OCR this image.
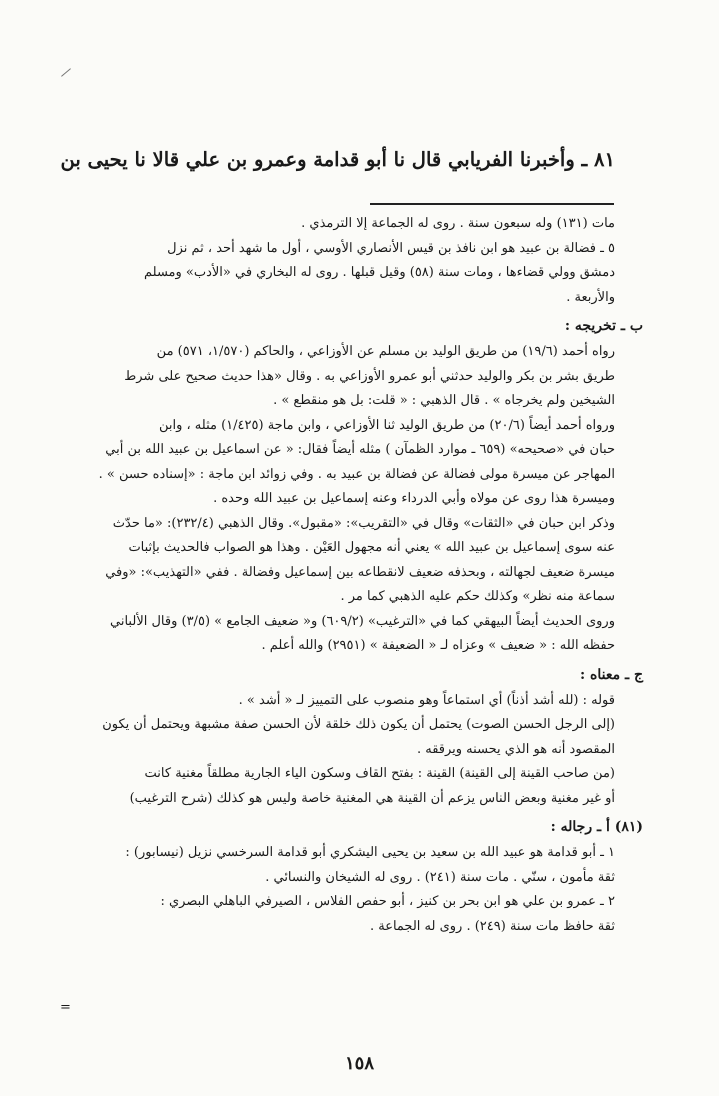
٨١ ـ وأخبرنا الفريابي قال نا أبو قدامة وعمرو بن علي قالا نا يحيى بن
مات (١٣١) وله سبعون سنة . روى له الجماعة إلا الترمذي .
٥ ـ فضالة بن عبيد هو ابن نافذ بن قيس الأنصاري الأوسي ، أول ما شهد أحد ، ثم نزل
دمشق وولي قضاءها ، ومات سنة (٥٨) وقيل قبلها . روى له البخاري في «الأدب» ومسلم
والأربعة .
ب ـ تخريجه :
رواه أحمد (١٩/٦) من طريق الوليد بن مسلم عن الأوزاعي ، والحاكم (١/٥٧٠، ٥٧١) من
طريق بشر بن بكر والوليد حدثني أبو عمرو الأوزاعي به . وقال «هذا حديث صحيح على شرط
الشيخين ولم يخرجاه » . قال الذهبي : « قلت: بل هو منقطع » .
ورواه أحمد أيضاً (٢٠/٦) من طريق الوليد ثنا الأوزاعي ، وابن ماجة (١/٤٢٥) مثله ، وابن
حبان في «صحيحه» (٦٥٩ ـ موارد الظمآن ) مثله أيضاً فقال: « عن اسماعيل بن عبيد الله بن أبي
المهاجر عن ميسرة مولى فضالة عن فضالة بن عبيد به . وفي زوائد ابن ماجة : «إسناده حسن » .
وميسرة هذا روى عن مولاه وأبي الدرداء وعنه إسماعيل بن عبيد الله وحده .
وذكر ابن حبان في «الثقات» وقال في «التقريب»: «مقبول». وقال الذهبي (٢٣٢/٤): «ما حدّث
عنه سوى إسماعيل بن عبيد الله » يعني أنه مجهول العَيْن . وهذا هو الصواب فالحديث بإثبات
ميسرة ضعيف لجهالته ، وبحذفه ضعيف لانقطاعه بين إسماعيل وفضالة . ففي «التهذيب»: «وفي
سماعة منه نظر» وكذلك حكم عليه الذهبي كما مر .
وروى الحديث أيضاً البيهقي كما في «الترغيب» (٦٠٩/٢) و« ضعيف الجامع » (٣/٥) وقال الألباني
حفظه الله : « ضعيف » وعزاه لـ « الضعيفة » (٢٩٥١) والله أعلم .
ج ـ معناه :
قوله : (لله أشد أذناً) أي استماعاً وهو منصوب على التمييز لـ « أشد » .
(إلى الرجل الحسن الصوت) يحتمل أن يكون ذلك خلقة لأن الحسن صفة مشبهة ويحتمل أن يكون
المقصود أنه هو الذي يحسنه ويرققه .
(من صاحب القينة إلى القينة) القينة : بفتح القاف وسكون الياء الجارية مطلقاً مغنية كانت
أو غير مغنية وبعض الناس يزعم أن القينة هي المغنية خاصة وليس هو كذلك (شرح الترغيب)
(٨١) أ ـ رجاله :
١ ـ أبو قدامة هو عبيد الله بن سعيد بن يحيى اليشكري أبو قدامة السرخسي نزيل (نيسابور) :
ثقة مأمون ، سنّي . مات سنة (٢٤١) . روى له الشيخان والنسائي .
٢ ـ عمرو بن علي هو ابن بحر بن كنيز ، أبو حفص الفلاس ، الصيرفي الباهلي البصري :
ثقة حافظ مات سنة (٢٤٩) . روى له الجماعة .
=
١٥٨
